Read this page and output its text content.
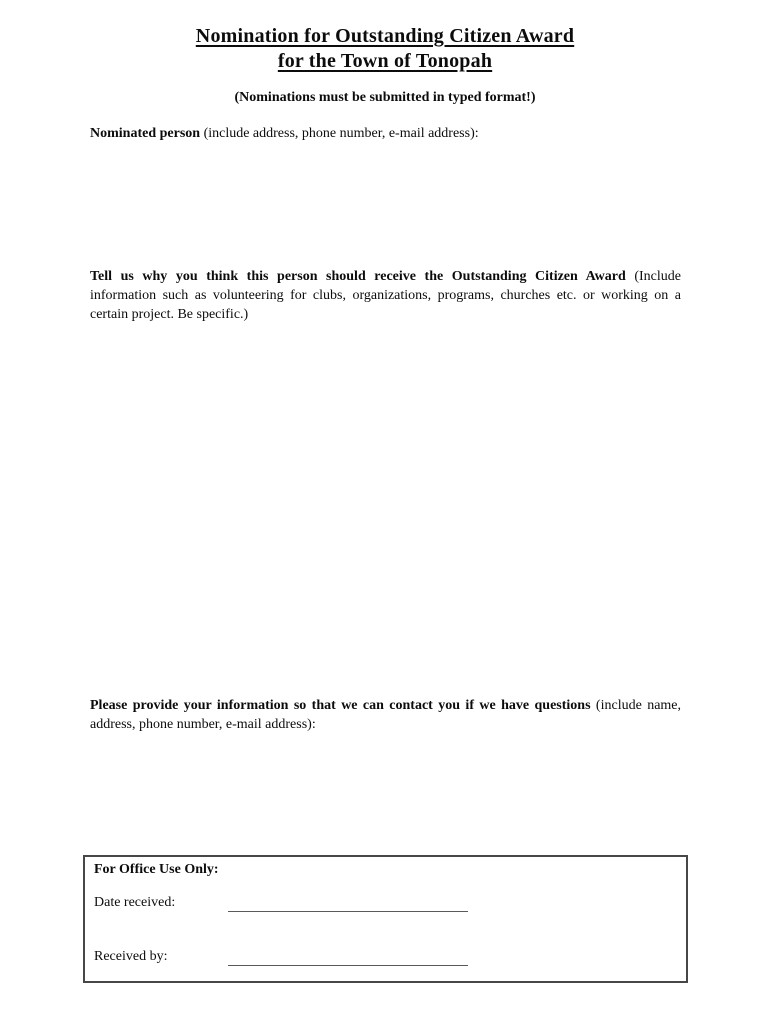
Nomination for Outstanding Citizen Award
for the Town of Tonopah
(Nominations must be submitted in typed format!)

Nominated person (include address, phone number, e-mail address):

Tell us why you think this person should receive the Outstanding Citizen Award (Include information such as volunteering for clubs, organizations, programs, churches etc. or working on a certain project. Be specific.)

Please provide your information so that we can contact you if we have questions (include name, address, phone number, e-mail address):

For Office Use Only:
Date received:
Received by:
